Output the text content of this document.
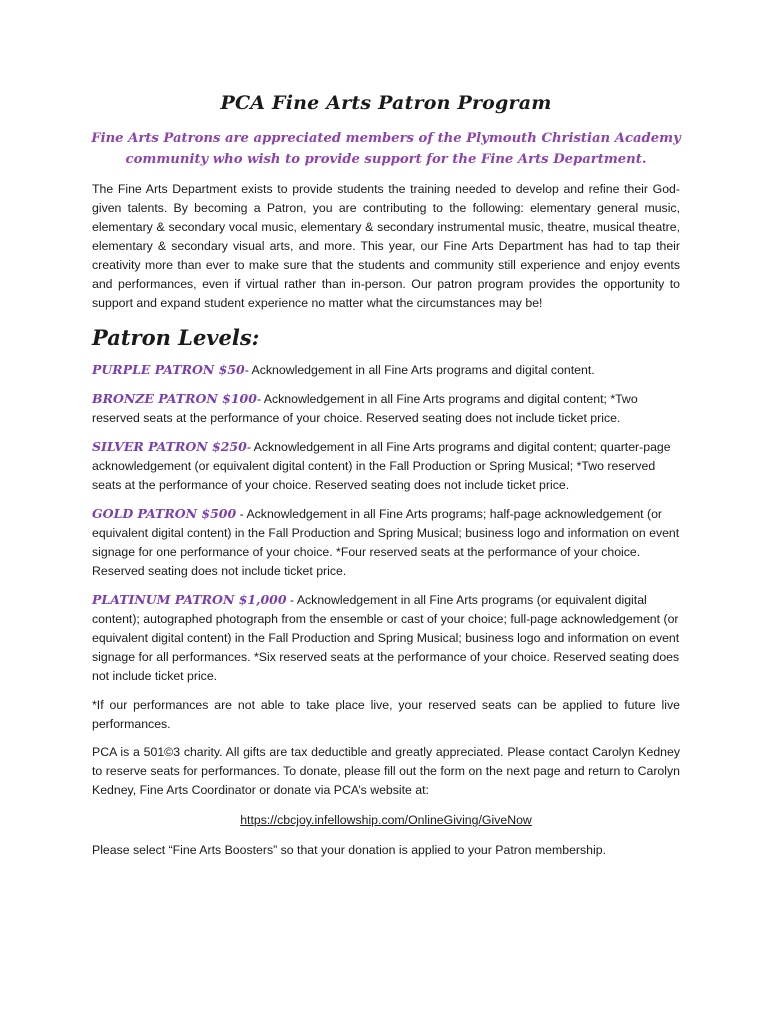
PCA Fine Arts Patron Program

Fine Arts Patrons are appreciated members of the Plymouth Christian Academy community who wish to provide support for the Fine Arts Department.

The Fine Arts Department exists to provide students the training needed to develop and refine their God-given talents. By becoming a Patron, you are contributing to the following: elementary general music, elementary & secondary vocal music, elementary & secondary instrumental music, theatre, musical theatre, elementary & secondary visual arts, and more. This year, our Fine Arts Department has had to tap their creativity more than ever to make sure that the students and community still experience and enjoy events and performances, even if virtual rather than in-person. Our patron program provides the opportunity to support and expand student experience no matter what the circumstances may be!

Patron Levels:

PURPLE PATRON $50- Acknowledgement in all Fine Arts programs and digital content.

BRONZE PATRON $100- Acknowledgement in all Fine Arts programs and digital content; *Two reserved seats at the performance of your choice. Reserved seating does not include ticket price.

SILVER PATRON $250- Acknowledgement in all Fine Arts programs and digital content; quarter-page acknowledgement (or equivalent digital content) in the Fall Production or Spring Musical; *Two reserved seats at the performance of your choice. Reserved seating does not include ticket price.

GOLD PATRON $500 - Acknowledgement in all Fine Arts programs; half-page acknowledgement (or equivalent digital content) in the Fall Production and Spring Musical; business logo and information on event signage for one performance of your choice. *Four reserved seats at the performance of your choice. Reserved seating does not include ticket price.

PLATINUM PATRON $1,000 - Acknowledgement in all Fine Arts programs (or equivalent digital content); autographed photograph from the ensemble or cast of your choice; full-page acknowledgement (or equivalent digital content) in the Fall Production and Spring Musical; business logo and information on event signage for all performances. *Six reserved seats at the performance of your choice. Reserved seating does not include ticket price.

*If our performances are not able to take place live, your reserved seats can be applied to future live performances.

PCA is a 501©3 charity. All gifts are tax deductible and greatly appreciated. Please contact Carolyn Kedney to reserve seats for performances. To donate, please fill out the form on the next page and return to Carolyn Kedney, Fine Arts Coordinator or donate via PCA’s website at:

https://cbcjoy.infellowship.com/OnlineGiving/GiveNow

Please select “Fine Arts Boosters” so that your donation is applied to your Patron membership.
